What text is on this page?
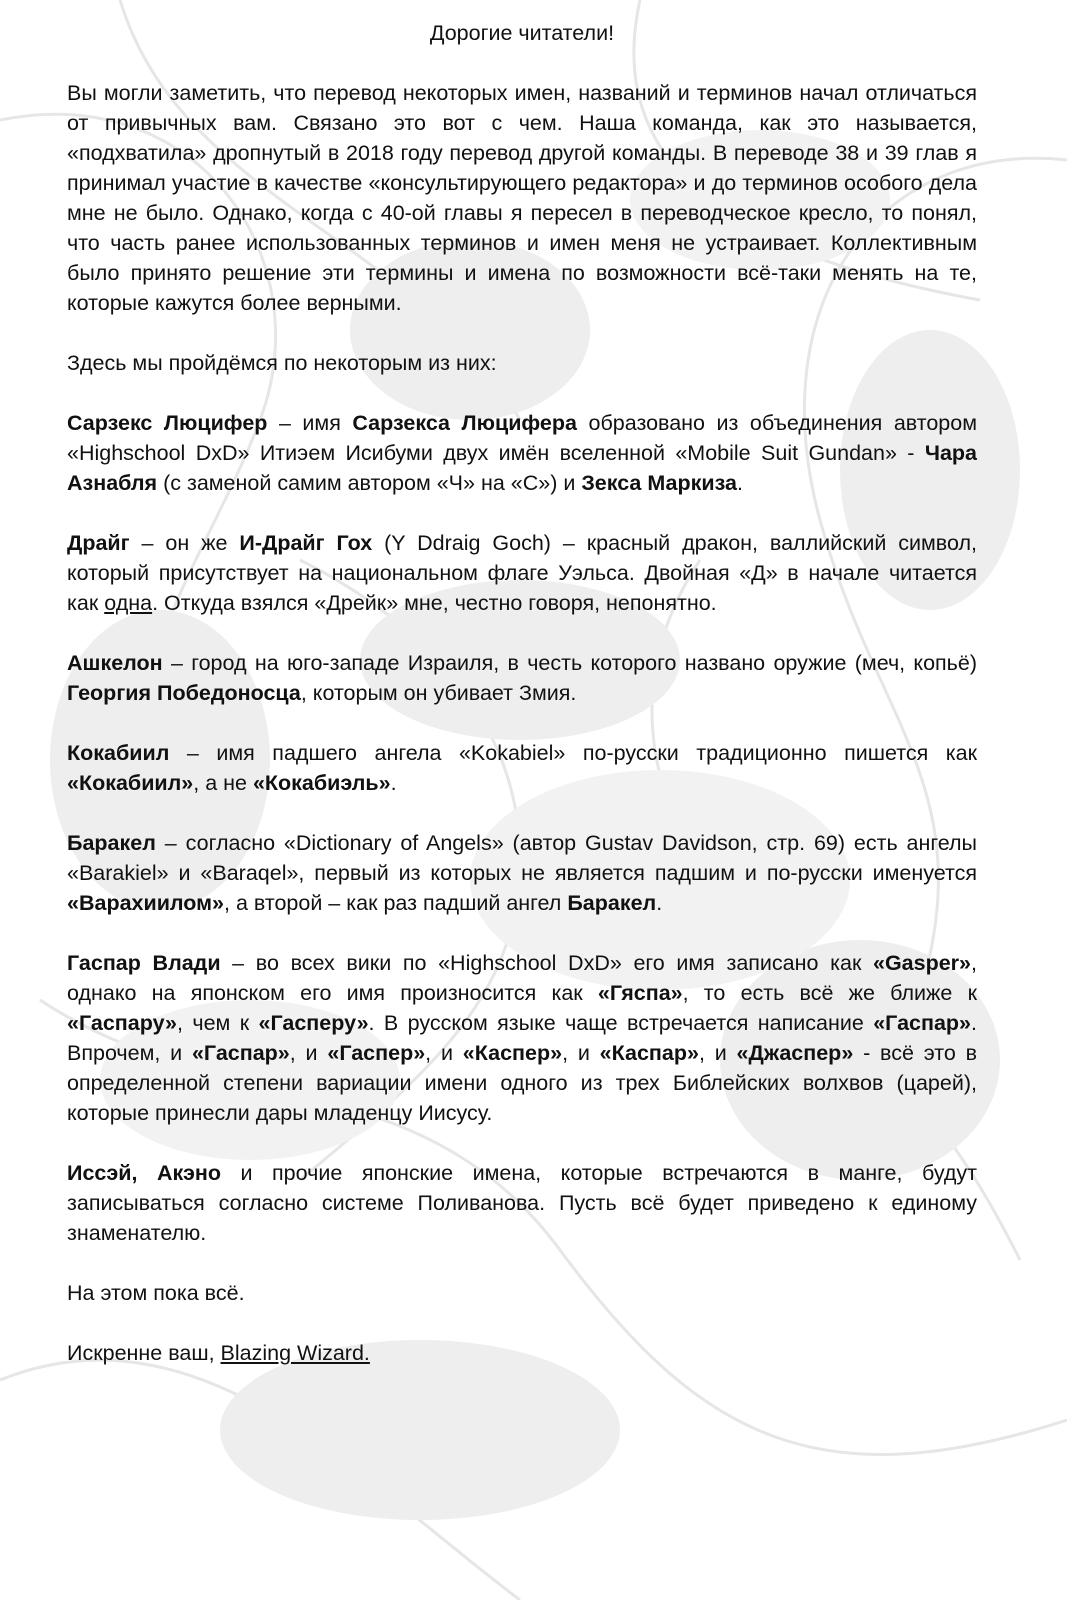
Дорогие читатели!
Вы могли заметить, что перевод некоторых имен, названий и терминов начал отличаться от привычных вам. Связано это вот с чем. Наша команда, как это называется, «подхватила» дропнутый в 2018 году перевод другой команды. В переводе 38 и 39 глав я принимал участие в качестве «консультирующего редактора» и до терминов особого дела мне не было. Однако, когда с 40-ой главы я пересел в переводческое кресло, то понял, что часть ранее использованных терминов и имен меня не устраивает. Коллективным было принято решение эти термины и имена по возможности всё-таки менять на те, которые кажутся более верными.
Здесь мы пройдёмся по некоторым из них:
Сарзекс Люцифер – имя Сарзекса Люцифера образовано из объединения автором «Highschool DxD» Итиэем Исибуми двух имён вселенной «Mobile Suit Gundan» - Чара Азнабля (с заменой самим автором «Ч» на «С») и Зекса Маркиза.
Драйг – он же И-Драйг Гох (Y Ddraig Goch) – красный дракон, валлийский символ, который присутствует на национальном флаге Уэльса. Двойная «Д» в начале читается как одна. Откуда взялся «Дрейк» мне, честно говоря, непонятно.
Ашкелон – город на юго-западе Израиля, в честь которого названо оружие (меч, копьё) Георгия Победоносца, которым он убивает Змия.
Кокабиил – имя падшего ангела «Kokabiel» по-русски традиционно пишется как «Кокабиил», а не «Кокабиэль».
Баракел – согласно «Dictionary of Angels» (автор Gustav Davidson, стр. 69) есть ангелы «Barakiel» и «Baraqel», первый из которых не является падшим и по-русски именуется «Варахиилом», а второй – как раз падший ангел Баракел.
Гаспар Влади – во всех вики по «Highschool DxD» его имя записано как «Gasper», однако на японском его имя произносится как «Гяспа», то есть всё же ближе к «Гаспару», чем к «Гасперу». В русском языке чаще встречается написание «Гаспар». Впрочем, и «Гаспар», и «Гаспер», и «Каспер», и «Каспар», и «Джаспер» - всё это в определенной степени вариации имени одного из трех Библейских волхвов (царей), которые принесли дары младенцу Иисусу.
Иссэй, Акэно и прочие японские имена, которые встречаются в манге, будут записываться согласно системе Поливанова. Пусть всё будет приведено к единому знаменателю.
На этом пока всё.
Искренне ваш, Blazing Wizard.
